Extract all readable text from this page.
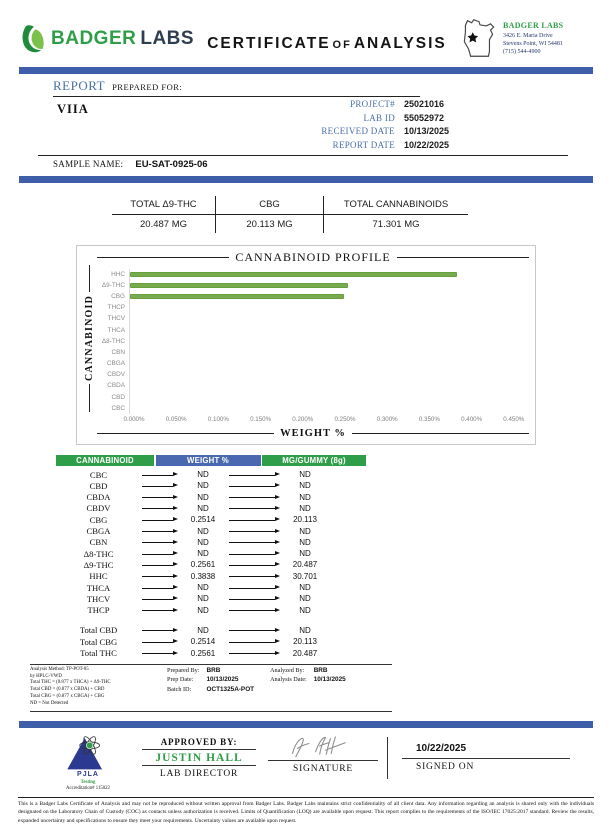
BADGER LABS CERTIFICATE OF ANALYSIS
BADGER LABS
3426 E. Maria Drive
Stevens Point, WI 54481
(715) 544-4900
REPORT PREPARED FOR:
VIIA	PROJECT# 25021016
LAB ID 55052972
RECEIVED DATE 10/13/2025
REPORT DATE 10/22/2025
SAMPLE NAME: EU-SAT-0925-06
TOTAL Δ9-THC	CBG	TOTAL CANNABINOIDS
20.487 MG	20.113 MG	71.301 MG
CANNABINOID
CANNABINOID PROFILE
HHC
Δ9-THC
CBG
THCP
THCV
THCA
Δ8-THC
CBN
CBGA
CBDV
CBDA
CBD
CBC
0.000%	0.050%	0.100%	0.150%	0.200%	0.250%	0.300%	0.350%	0.400%	0.450%
WEIGHT %
CANNABINOID	WEIGHT %	MG/GUMMY (8g)
CBC	ND	ND
CBD	ND	ND
CBDA	ND	ND
CBDV	ND	ND
CBG	0.2514	20.113
CBGA	ND	ND
CBN	ND	ND
Δ8-THC	ND	ND
Δ9-THC	0.2561	20.487
HHC	0.3838	30.701
THCA	ND	ND
THCV	ND	ND
THCP	ND	ND
Total CBD	ND	ND
Total CBG	0.2514	20.113
Total THC	0.2561	20.487
Analysis Method: TP-POT-05
by HPLC-VWD
Total THC = (0.877 x THCA) + Δ9-THC
Total CBD = (0.877 x CBDA) + CBD
Total CBG = (0.877 x CBGA) + CBG
ND = Not Detected
Prepared By: BRB
Prep Date:	10/13/2025
Batch ID:	OCT1325A-POT
Analyzed By:	BRB
Analysis Date: 10/13/2025
PJLA
Testing
Accreditation# 115022
APPROVED BY:
JUSTIN HALL
LAB DIRECTOR	SIGNATURE
10/22/2025
SIGNED ON
This is a Badger Labs Certificate of Analysis and may not be reproduced without written approval from Badger Labs. Badger Labs maintains strict confidentiality of all client data. Any information regarding an analysis is shared only with the individuals designated on the Laboratory Chain of Custody (COC) as contacts unless authorization is received. Limits of Quantification (LOQ) are available upon request. This report complies to the requirements of the ISO/IEC 17025:2017 standard. Review the results, expanded uncertainty and specifications to ensure they meet your requirements. Uncertainty values are available upon request.
